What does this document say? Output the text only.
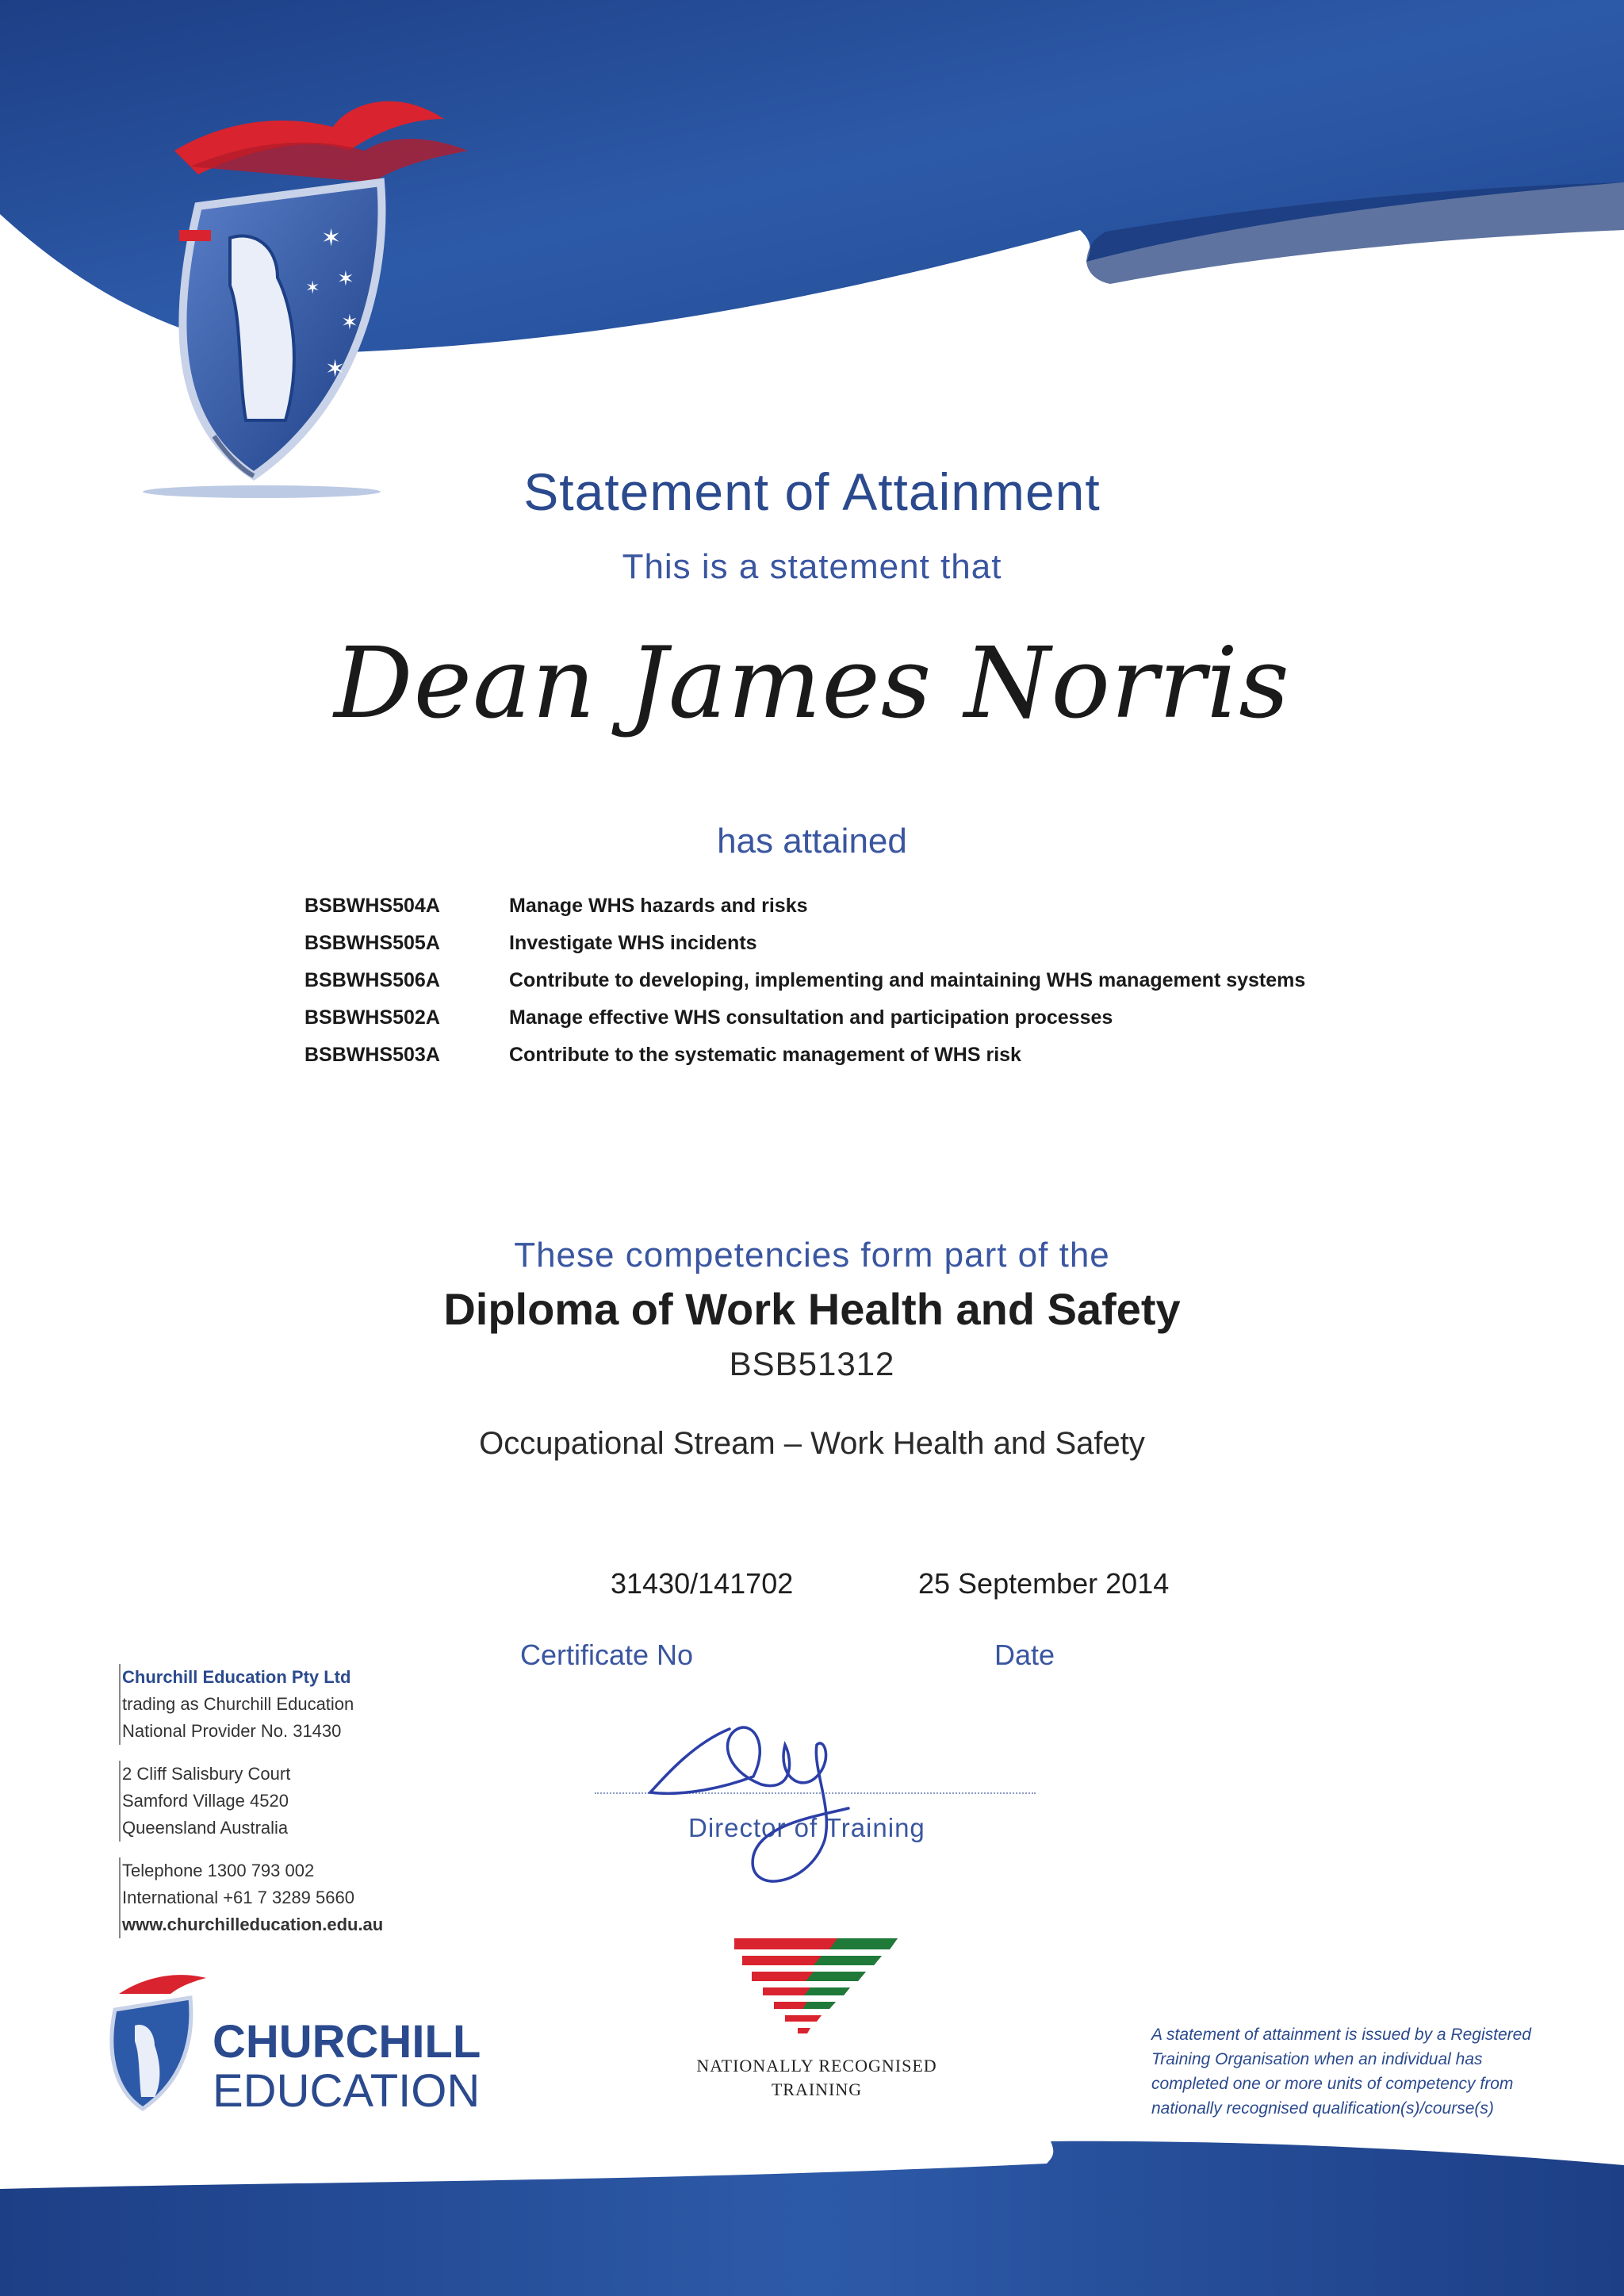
✶
✶
✶
✶
✶
Statement of Attainment
This is a statement that
Dean James Norris
has attained
BSBWHS504A	Manage WHS hazards and risks
BSBWHS505A	Investigate WHS incidents
BSBWHS506A	Contribute to developing, implementing and maintaining WHS management systems
BSBWHS502A	Manage effective WHS consultation and participation processes
BSBWHS503A	Contribute to the systematic management of WHS risk
These competencies form part of the
Diploma of Work Health and Safety
BSB51312
Occupational Stream – Work Health and Safety
31430/141702	25 September 2014
Certificate No	Date
Director of Training
Churchill Education Pty Ltd
trading as Churchill Education
National Provider No. 31430
2 Cliff Salisbury Court
Samford Village 4520
Queensland Australia
Telephone 1300 793 002
International +61 7 3289 5660
www.churchilleducation.edu.au
CHURCHILL
EDUCATION	NATIONALLY RECOGNISED
TRAINING
A statement of attainment is issued by a Registered
Training Organisation when an individual has
completed one or more units of competency from
nationally recognised qualification(s)/course(s)
